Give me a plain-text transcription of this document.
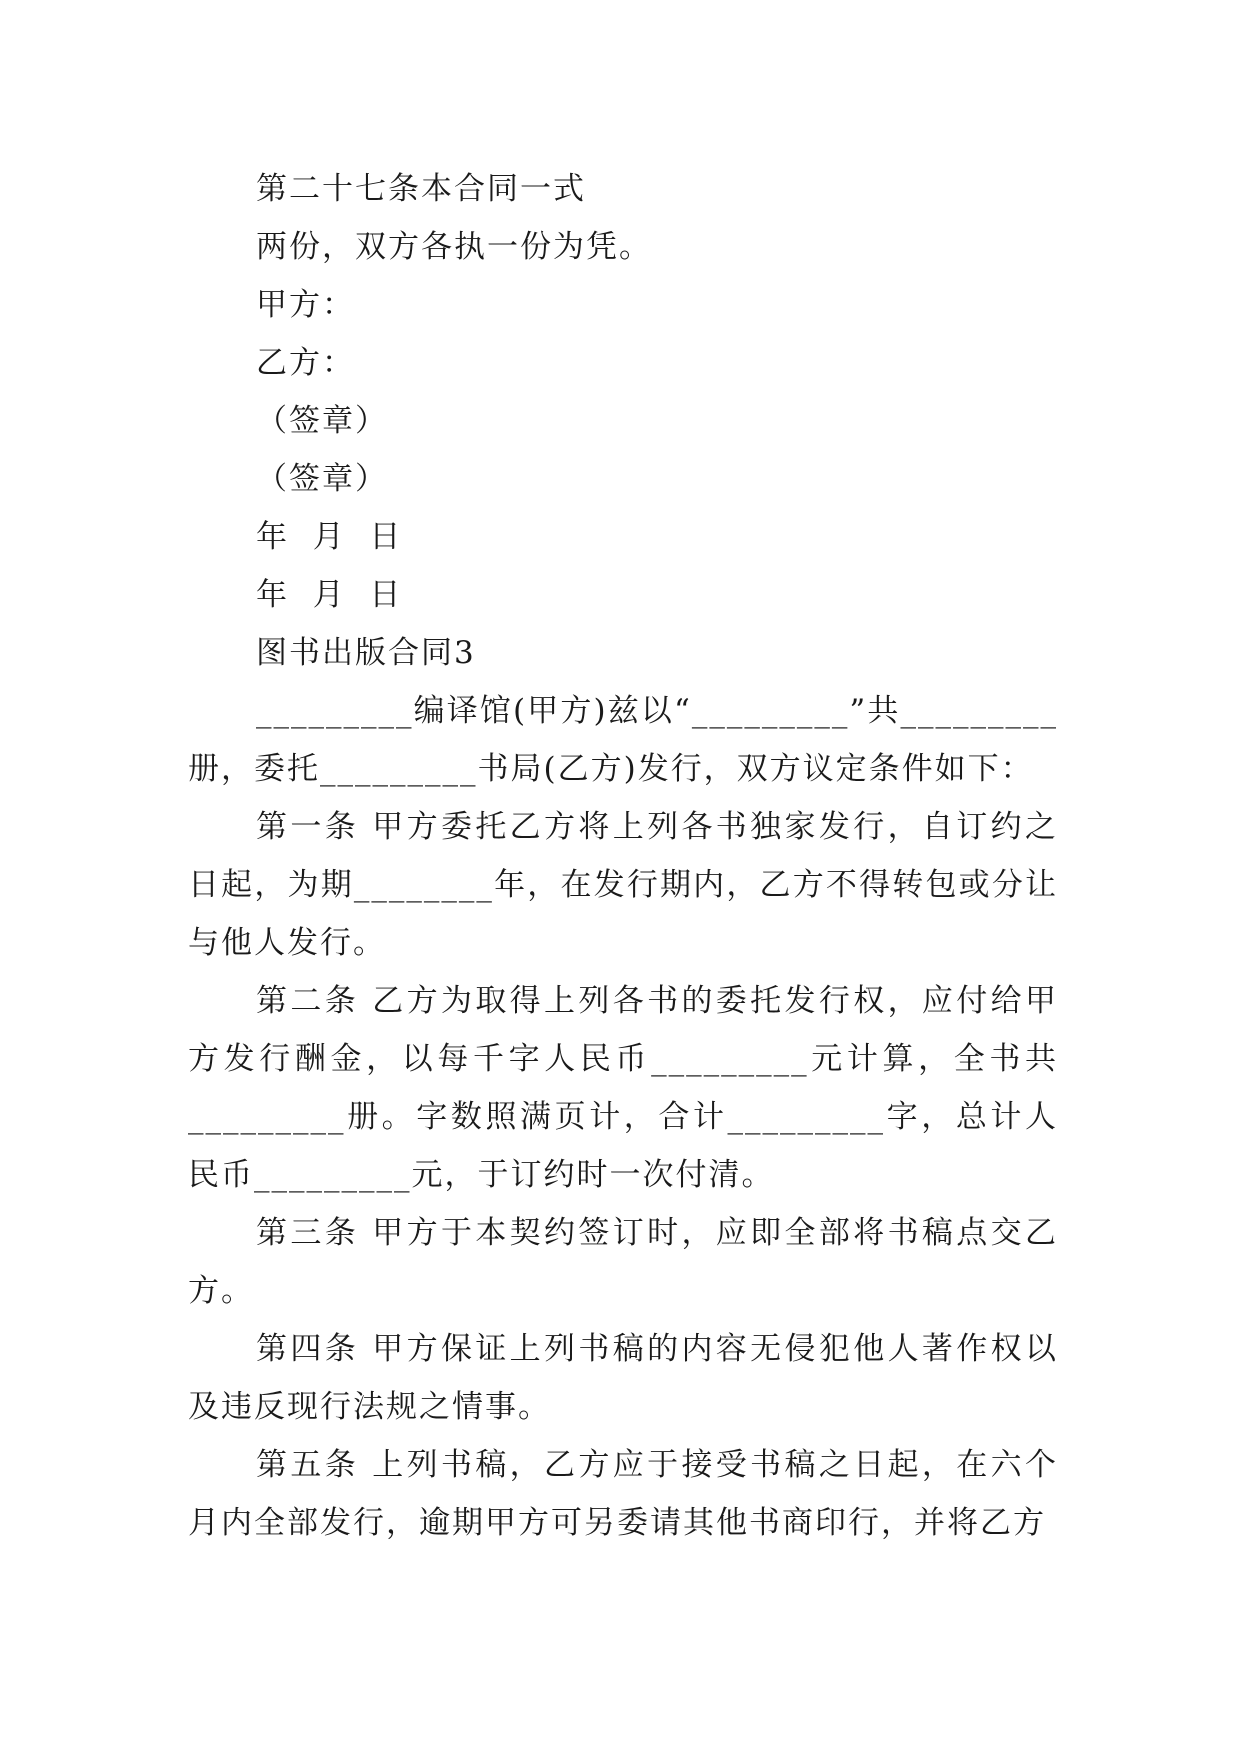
第二十七条本合同一式
两份，双方各执一份为凭。
甲方：
乙方：
（签章）
（签章）
年  月  日
年  月  日
图书出版合同3

_________编译馆(甲方)兹以“_________”共_________册，委托_________书局(乙方)发行，双方议定条件如下：

第一条 甲方委托乙方将上列各书独家发行，自订约之日起，为期________年，在发行期内，乙方不得转包或分让与他人发行。

第二条 乙方为取得上列各书的委托发行权，应付给甲方发行酬金，以每千字人民币_________元计算，全书共_________册。字数照满页计，合计_________字，总计人民币_________元，于订约时一次付清。

第三条 甲方于本契约签订时，应即全部将书稿点交乙方。

第四条 甲方保证上列书稿的内容无侵犯他人著作权以及违反现行法规之情事。

第五条 上列书稿，乙方应于接受书稿之日起，在六个月内全部发行，逾期甲方可另委请其他书商印行，并将乙方
